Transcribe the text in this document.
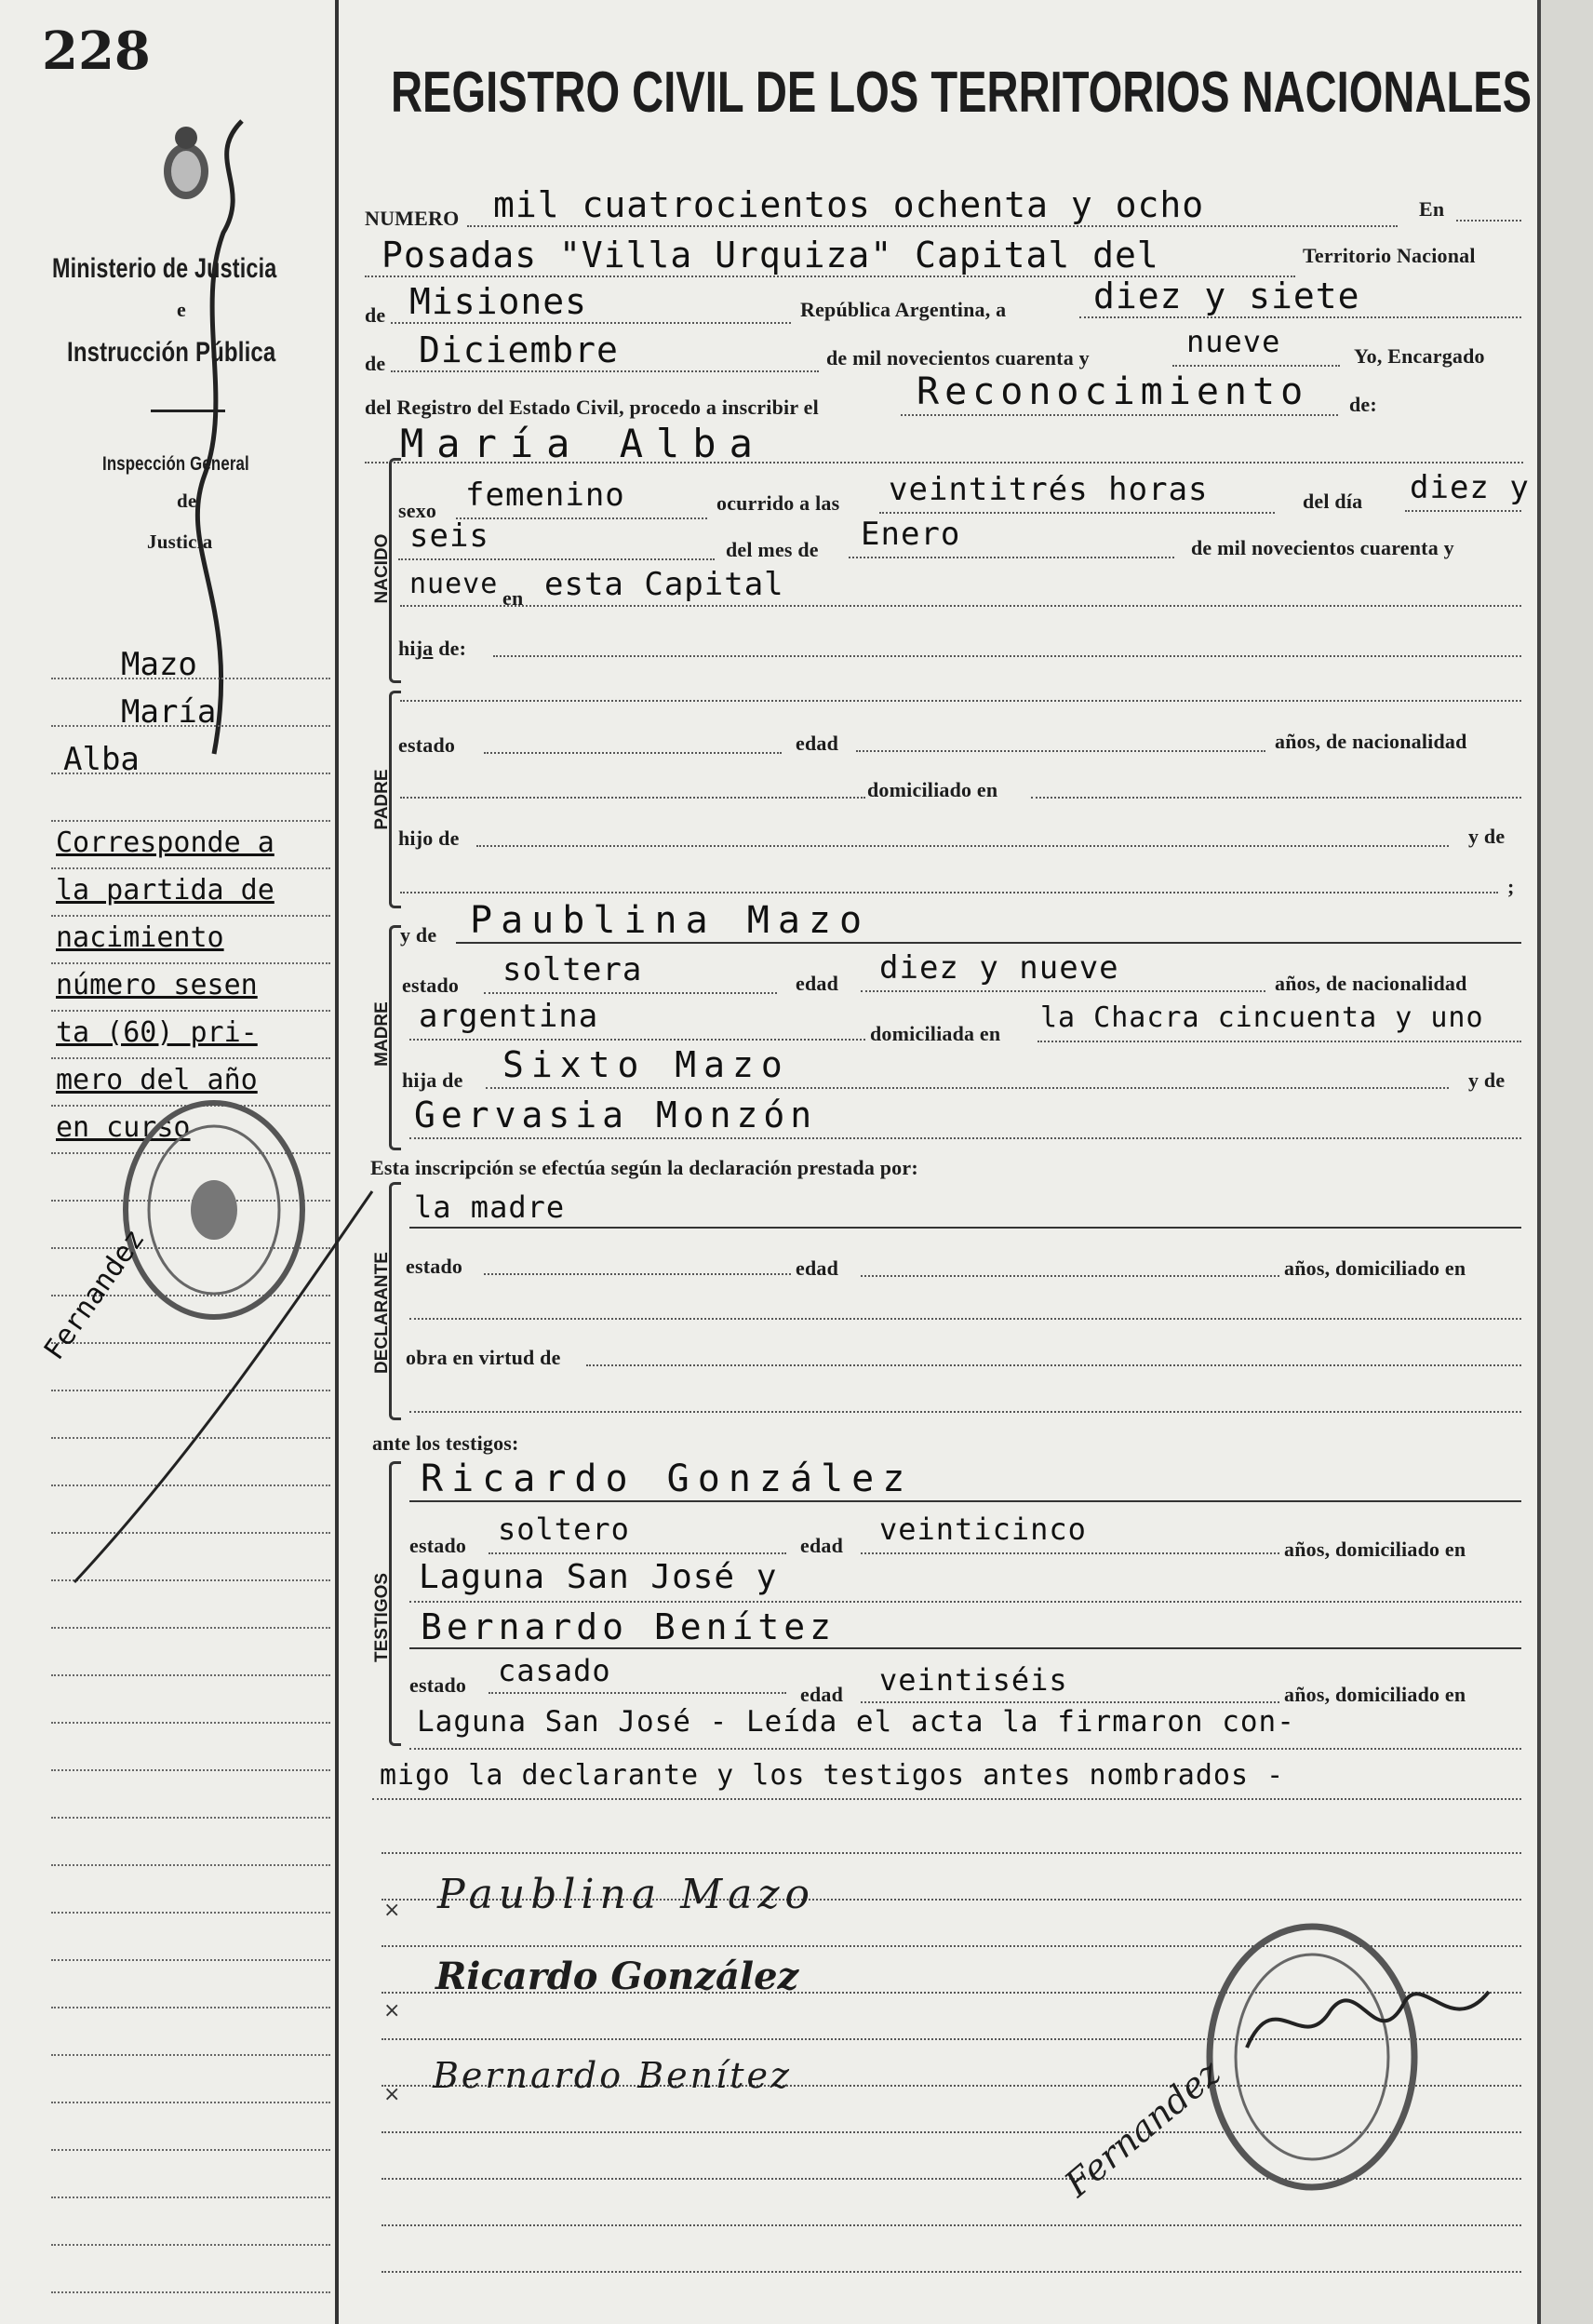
228
Ministerio de Justicia
e
Instrucción Pública
Inspección General
de
Justicia
Mazo
María
Alba
Corresponde a
la partida de
nacimiento
número sesen
ta (60) pri-
mero del año
en curso
Fernandez
REGISTRO CIVIL DE LOS TERRITORIOS NACIONALES
NUMERO mil cuatrocientos ochenta y ocho	En
Posadas "Villa Urquiza" Capital del	Territorio Nacional
de Misiones	República Argentina, a diez y siete
de Diciembre	de mil novecientos cuarenta y	nueve	Yo, Encargado
del Registro del Estado Civil, procedo a inscribir el	Reconocimiento de:
María Alba
NACIDO
sexo femenino	ocurrido a las veintitrés horas	del día diez y
seis	del mes de Enero	de mil novecientos cuarenta y
nueve en esta Capital
hija de:
PADRE
estado	edad	años, de nacionalidad
domiciliado en
hijo de	y de
;
MADRE
y de Paublina Mazo
estado soltera	edad diez y nueve	años, de nacionalidad
argentina	domiciliada en la Chacra cincuenta y uno
hija de Sixto Mazo	y de
Gervasia Monzón
Esta inscripción se efectúa según la declaración prestada por:
DECLARANTE
la madre
estado	edad	años, domiciliado en
obra en virtud de
ante los testigos:
TESTIGOS
Ricardo González
estado soltero	edad veinticinco
años, domiciliado en
Laguna San José y
Bernardo Benítez
estado casado
edad veintiséis	años, domiciliado en
Laguna San José - Leída el acta la firmaron con-
migo la declarante y los testigos antes nombrados -
×
×
×
Paublina Mazo
Ricardo González
Bernardo Benítez	Fernandez
